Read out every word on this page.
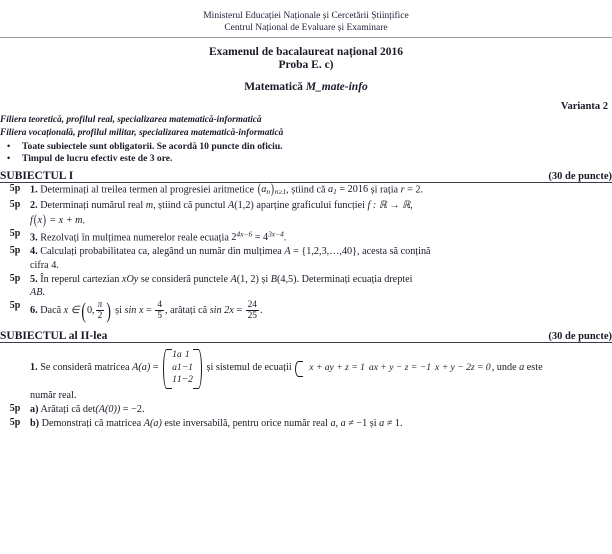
Ministerul Educației Naționale și Cercetării Științifice
Centrul Național de Evaluare și Examinare
Examenul de bacalaureat național 2016
Proba E. c)
Matematică M_mate-info
Varianta 2
Filiera teoretică, profilul real, specializarea matematică-informatică
Filiera vocațională, profilul militar, specializarea matematică-informatică
• Toate subiectele sunt obligatorii. Se acordă 10 puncte din oficiu.
• Timpul de lucru efectiv este de 3 ore.
SUBIECTUL I	(30 de puncte)
5p	1. Determinați al treilea termen al progresiei aritmetice $(a_n)_{n\ge 1}$, știind că $a_1 = 2016$ și rația r = 2.
5p	2. Determinați numărul real m, știind că punctul A(1,2) aparține graficului funcției f : ℝ → ℝ,
f(x) = x + m.

5p	3. Rezolvați în mulțimea numerelor reale ecuația $2^{4x-6} = 4^{3x-4}$.
5p	4. Calculați probabilitatea ca, alegând un număr din mulțimea A = {1,2,3,…,40}, acesta să conțină
cifra 4.

5p	5. În reperul cartezian xOy se consideră punctele A(1, 2) și B(4,5). Determinați ecuația dreptei
AB.

5p	6. Dacă x ∈(0, $\frac{\pi}{2}$ ) și $\sin x = \frac{4}{5}$ , arătați că $\sin 2x = \frac{24}{25}$ .
SUBIECTUL al II-lea	(30 de puncte)
	1. Se consideră matricea A(a) =
1	a	1
a	1	−1
1	1	−2
și sistemul de ecuații
x + ay + z = 1 ax + y − z = −1 x + y − 2z = 0, unde a este
număr real.

5p	a) Arătați că det(A(0)) = −2.
5p	b) Demonstrați că matricea A(a) este inversabilă, pentru orice număr real a, a ≠ −1 și a ≠ 1.
